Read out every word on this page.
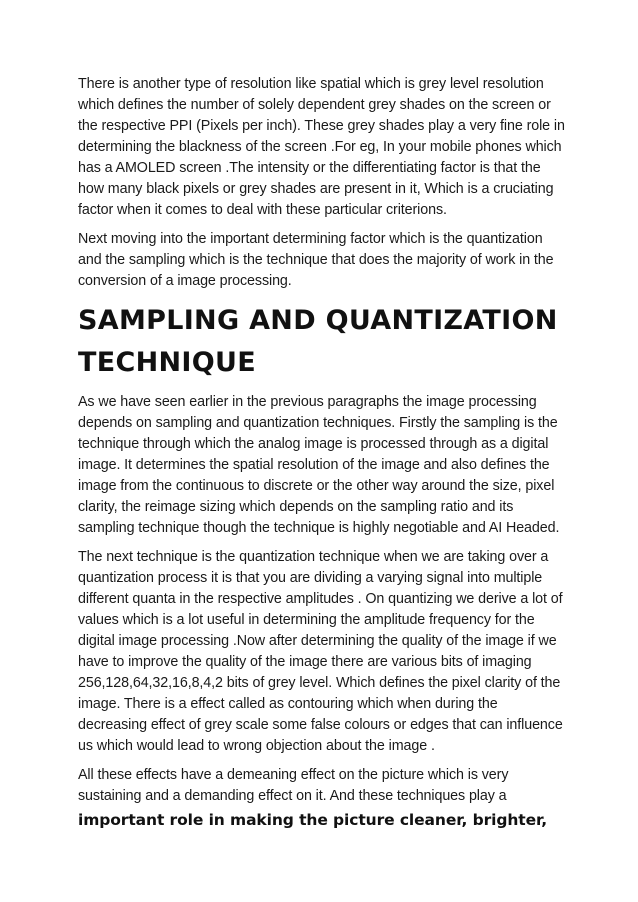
There is another type of resolution like spatial which is grey level resolution which defines the number of solely dependent grey shades on the screen or the respective PPI (Pixels per inch). These grey shades play a very fine role in determining the blackness of the screen .For eg, In your mobile phones which has a AMOLED screen .The intensity or the differentiating factor is that the how many black pixels or grey shades are present in it, Which is a cruciating factor when it comes to deal with these particular criterions.

Next moving into the important determining factor which is the quantization and the sampling which is the technique that does the majority of work in the conversion of a image processing.

SAMPLING AND QUANTIZATION TECHNIQUE

As we have seen earlier in the previous paragraphs the image processing depends on sampling and quantization techniques. Firstly the sampling is the technique through which the analog image is processed through as a digital image. It determines the spatial resolution of the image and also defines the image from the continuous to discrete or the other way around the size, pixel clarity, the reimage sizing which depends on the sampling ratio and its sampling technique though the technique is highly negotiable and AI Headed.

The next technique is the quantization technique when we are taking over a quantization process it is that you are dividing a varying signal into multiple different quanta in the respective amplitudes . On quantizing we derive a lot of values which is a lot useful in determining the amplitude frequency for the digital image processing .Now after determining the quality of the image if we have to improve the quality of the image there are various bits of imaging 256,128,64,32,16,8,4,2 bits of grey level. Which defines the pixel clarity of the image. There is a effect called as contouring which when during the decreasing effect of grey scale some false colours or edges that can influence us which would lead to wrong objection about the image .

All these effects have a demeaning effect on the picture which is very sustaining and a demanding effect on it. And these techniques play a
important role in making the picture cleaner, brighter,
